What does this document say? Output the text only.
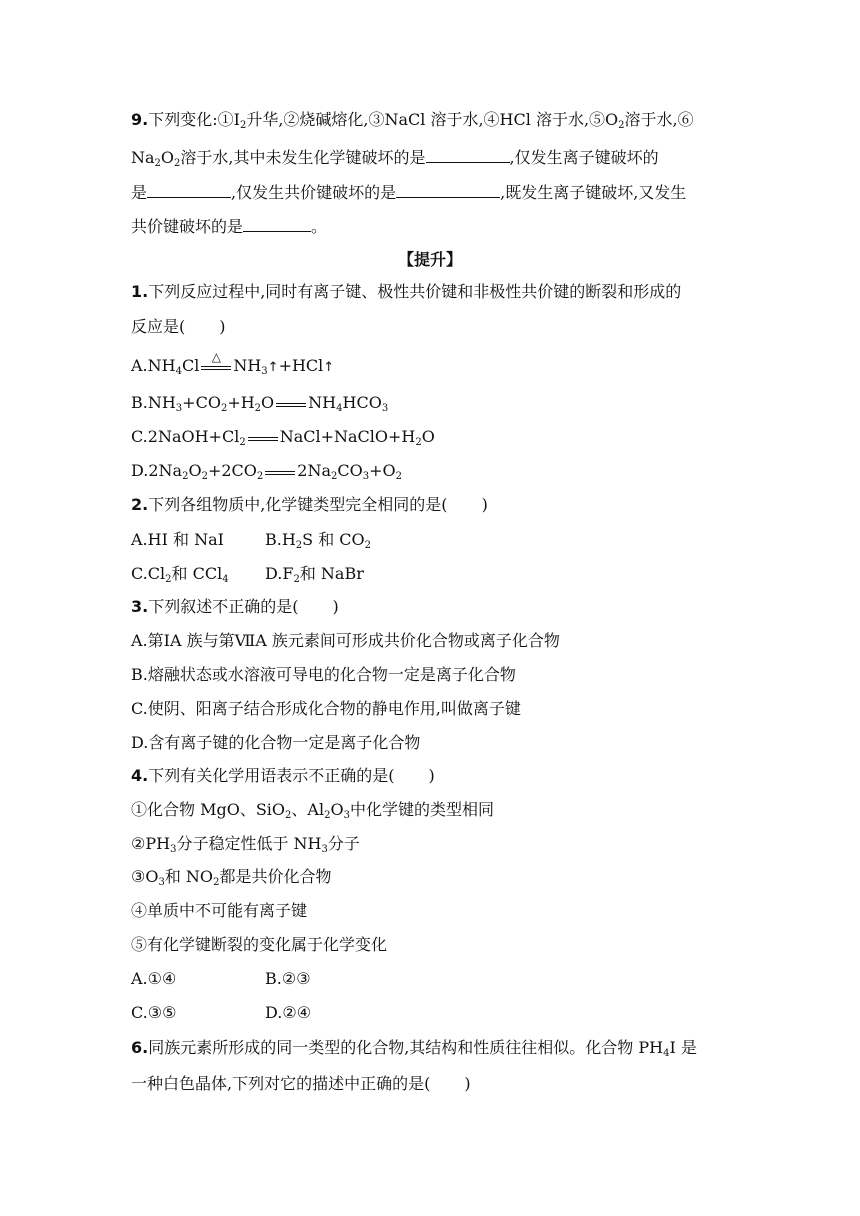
9.下列变化$:①I_2$升华,②烧碱熔化,③NaCl 溶于水,④HCl 溶于水$,⑤O_2$溶于水,⑥
$Na_2O_2$溶于水,其中未发生化学键破坏的是	,仅发生离子键破坏的
是	,仅发生共价键破坏的是	,既发生离子键破坏,又发生
共价键破坏的是	。
【提升】
1.下列反应过程中,同时有离子键、极性共价键和非极性共价键的断裂和形成的
反应是( )
$A.NH_4Cl$	△ $NH_3↑+HCl↑$
$B.NH_3+CO_2+H_2O$ $NH_4HCO_3$
$C.2NaOH+Cl_2$ $NaCl+NaClO+H_2O$
$D.2Na_2O_2+2CO_2$ $2Na_2CO_3+O_2$
2.下列各组物质中,化学键类型完全相同的是( )
A.HI 和 NaI	$B.H_2S$ 和 $CO_2$
$C.Cl_2$和 CCl$_4$ $D.F_2$和 NaBr
3.下列叙述不正确的是( )
A.第ⅠA 族与第ⅦA 族元素间可形成共价化合物或离子化合物
B.熔融状态或水溶液可导电的化合物一定是离子化合物
C.使阴、阳离子结合形成化合物的静电作用,叫做离子键
D.含有离子键的化合物一定是离子化合物
4.下列有关化学用语表示不正确的是( )
①化合物 MgO、SiO$_2$、$Al_2O_3$中化学键的类型相同
$②PH_3$分子稳定性低于 $NH_3$分子
$③O_3$和 $NO_2$都是共价化合物
④单质中不可能有离子键
⑤有化学键断裂的变化属于化学变化
A.①④	B.②③
C.③⑤	D.②④
6.同族元素所形成的同一类型的化合物,其结构和性质往往相似。化合物 $PH_4I$ 是
一种白色晶体,下列对它的描述中正确的是( )
